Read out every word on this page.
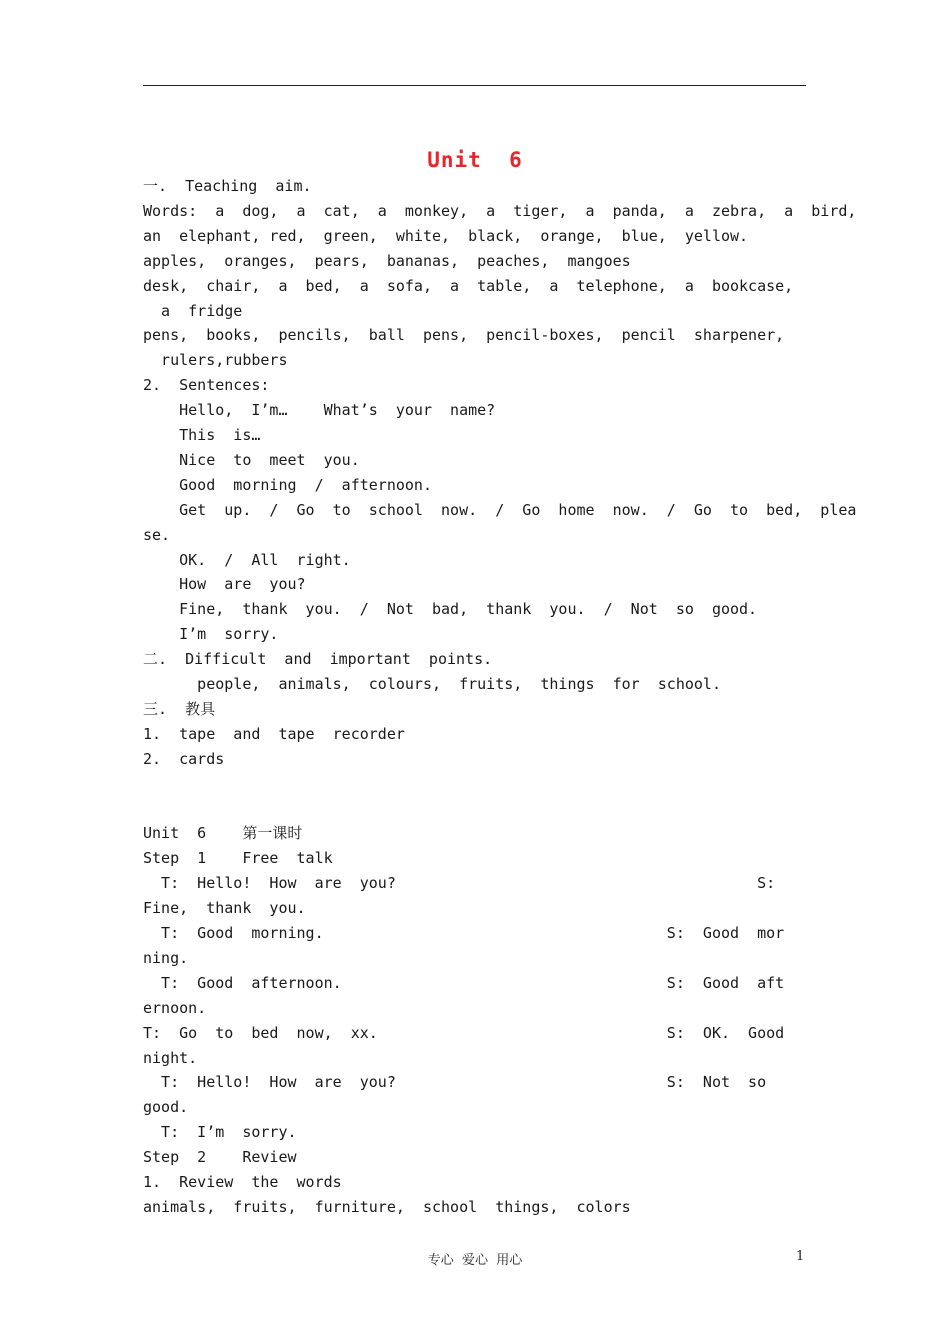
Unit  6
一.  Teaching  aim.
Words:  a  dog,  a  cat,  a  monkey,  a  tiger,  a  panda,  a  zebra,  a  bird,
an  elephant, red,  green,  white,  black,  orange,  blue,  yellow.
apples,  oranges,  pears,  bananas,  peaches,  mangoes
desk,  chair,  a  bed,  a  sofa,  a  table,  a  telephone,  a  bookcase,
a  fridge
pens,  books,  pencils,  ball  pens,  pencil-boxes,  pencil  sharpener,
rulers,rubbers
2.  Sentences:
Hello,  I’m…    What’s  your  name?
This  is…
Nice  to  meet  you.
Good  morning  /  afternoon.
Get  up.  /  Go  to  school  now.  /  Go  home  now.  /  Go  to  bed,  plea
se.
OK.  /  All  right.
How  are  you?
Fine,  thank  you.  /  Not  bad,  thank  you.  /  Not  so  good.
I’m  sorry.
二.  Difficult  and  important  points.
people,  animals,  colours,  fruits,  things  for  school.
三.  教具
1.  tape  and  tape  recorder
2.  cards
Unit  6    第一课时
Step  1    Free  talk
T:  Hello!  How  are  you?                                        S:
Fine,  thank  you.
T:  Good  morning.                                      S:  Good  mor
ning.
T:  Good  afternoon.                                    S:  Good  aft
ernoon.
T:  Go  to  bed  now,  xx.                                S:  OK.  Good
night.
T:  Hello!  How  are  you?                              S:  Not  so
good.
T:  I’m  sorry.
Step  2    Review
1.  Review  the  words
animals,  fruits,  furniture,  school  things,  colors
专心  爱心  用心	1
